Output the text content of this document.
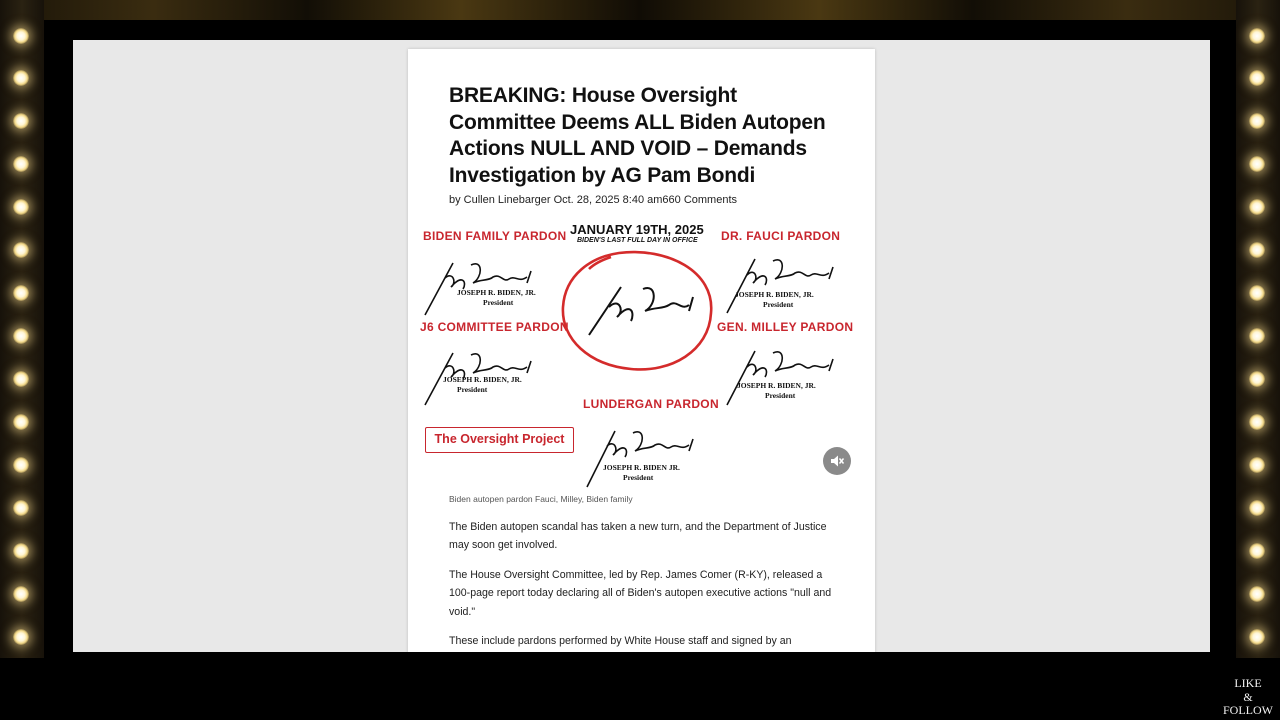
BREAKING: House Oversight Committee Deems ALL Biden Autopen Actions NULL AND VOID – Demands Investigation by AG Pam Bondi
by Cullen Linebarger Oct. 28, 2025 8:40 am660 Comments
JANUARY 19TH, 2025
BIDEN'S LAST FULL DAY IN OFFICE
BIDEN FAMILY PARDON	DR. FAUCI PARDON
J6 COMMITTEE PARDON	GEN. MILLEY PARDON
LUNDERGAN PARDON
JOSEPH R. BIDEN, JR.
President
JOSEPH R. BIDEN, JR.
President
JOSEPH R. BIDEN, JR.
President	JOSEPH R. BIDEN, JR.
President
JOSEPH R. BIDEN JR.
President
The Oversight Project
Biden autopen pardon Fauci, Milley, Biden family

The Biden autopen scandal has taken a new turn, and the Department of Justice may soon get involved.

The House Oversight Committee, led by Rep. James Comer (R-KY), released a 100-page report today declaring all of Biden's autopen executive actions "null and void."

These include pardons performed by White House staff and signed by an

LIKE
&
FOLLOW
